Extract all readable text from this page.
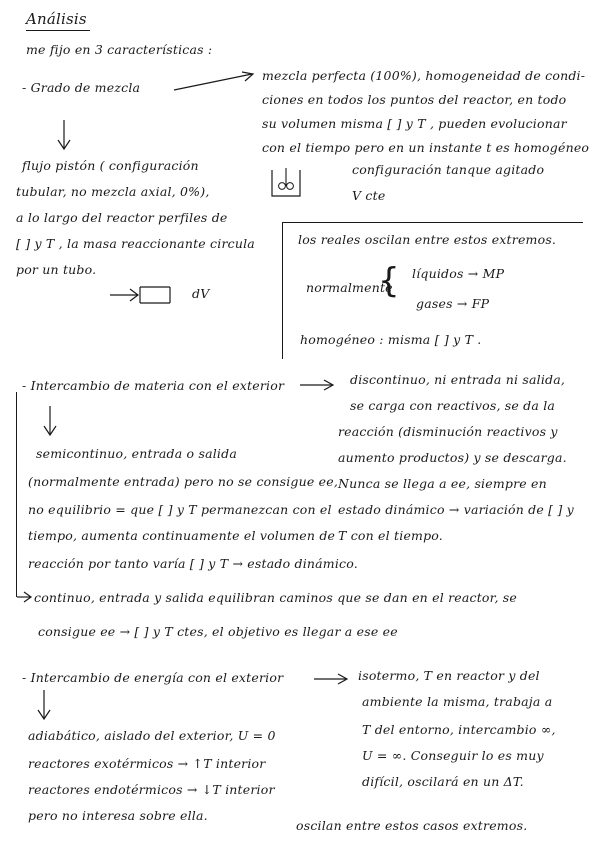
Análisis
me fijo en 3 características :
- Grado de mezcla
mezcla perfecta (100%), homogeneidad de condi-
ciones en todos los puntos del reactor, en todo
su volumen misma [ ] y T , pueden evolucionar
con el tiempo pero en un instante t es homogéneo
configuración tanque agitado
V cte
flujo pistón ( configuración
tubular, no mezcla axial, 0%),
a lo largo del reactor perfiles de
[ ] y T , la masa reaccionante circula
por un tubo.
dV
los reales oscilan entre estos extremos.
normalmente
{ líquidos → MP
gases → FP
homogéneo : misma [ ] y T .
- Intercambio de materia con el exterior	discontinuo, ni entrada ni salida,
se carga con reactivos, se da la
reacción (disminución reactivos y
aumento productos) y se descarga.
Nunca se llega a ee, siempre en
estado dinámico → variación de [ ] y
T con el tiempo.
semicontinuo, entrada o salida
(normalmente entrada) pero no se consigue ee,
no equilibrio = que [ ] y T permanezcan con el
tiempo, aumenta continuamente el volumen de
reacción por tanto varía [ ] y T → estado dinámico.
continuo, entrada y salida equilibran caminos que se dan en el reactor, se
consigue ee → [ ] y T ctes, el objetivo es llegar a ese ee
- Intercambio de energía con el exterior	isotermo, T en reactor y del
ambiente la misma, trabaja a
T del entorno, intercambio ∞,
U = ∞. Conseguir lo es muy
difícil, oscilará en un ΔT.
adiabático, aislado del exterior, U = 0
reactores exotérmicos → ↑T interior
reactores endotérmicos → ↓T interior
pero no interesa sobre ella.
oscilan entre estos casos extremos.
